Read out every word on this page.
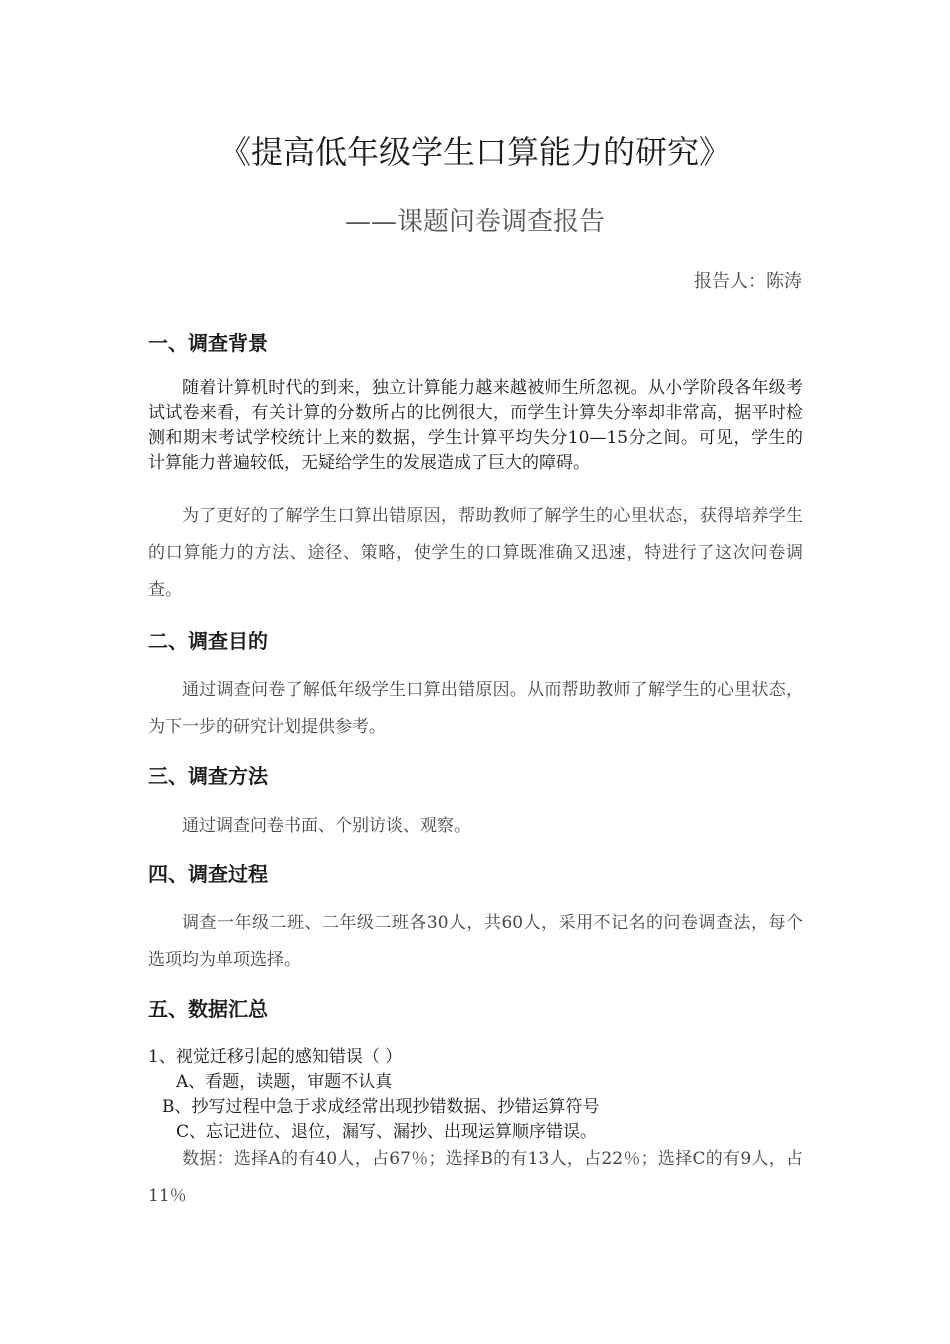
《提高低年级学生口算能力的研究》
——课题问卷调查报告
报告人：陈涛
一、调查背景

随着计算机时代的到来，独立计算能力越来越被师生所忽视。从小学阶段各年级考试试卷来看，有关计算的分数所占的比例很大，而学生计算失分率却非常高，据平时检测和期末考试学校统计上来的数据，学生计算平均失分10—15分之间。可见，学生的计算能力普遍较低，无疑给学生的发展造成了巨大的障碍。

为了更好的了解学生口算出错原因，帮助教师了解学生的心里状态，获得培养学生的口算能力的方法、途径、策略，使学生的口算既准确又迅速，特进行了这次问卷调查。

二、调查目的

通过调查问卷了解低年级学生口算出错原因。从而帮助教师了解学生的心里状态，为下一步的研究计划提供参考。

三、调查方法

通过调查问卷书面、个别访谈、观察。

四、调查过程

调查一年级二班、二年级二班各30人，共60人，采用不记名的问卷调查法，每个选项均为单项选择。

五、数据汇总
1、视觉迁移引起的感知错误（ ）
A、看题，读题，审题不认真
B、抄写过程中急于求成经常出现抄错数据、抄错运算符号
C、忘记进位、退位，漏写、漏抄、出现运算顺序错误。

数据：选择A的有40人，占67％；选择B的有13人，占22％；选择C的有9人，占11％
